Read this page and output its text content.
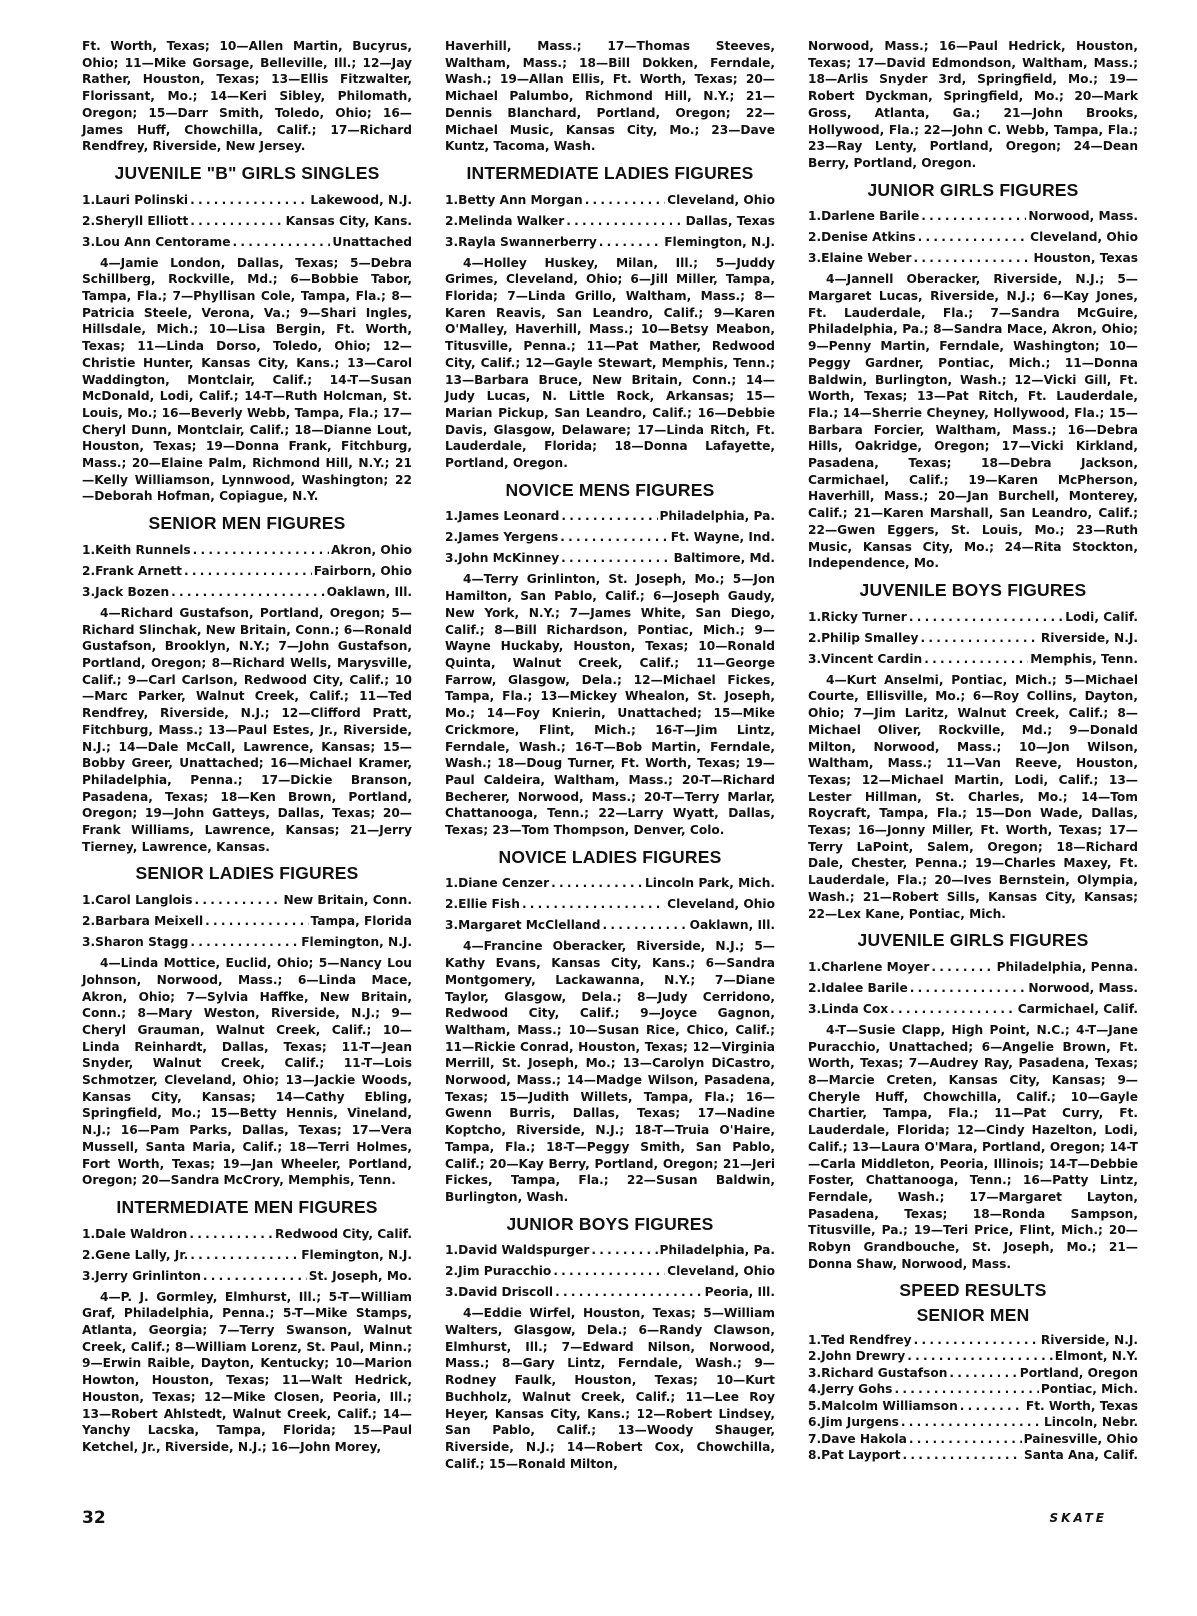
Ft. Worth, Texas; 10—Allen Martin, Bucyrus, Ohio; 11—Mike Gorsage, Belleville, Ill.; 12—Jay Rather, Houston, Texas; 13—Ellis Fitzwalter, Florissant, Mo.; 14—Keri Sibley, Philomath, Oregon; 15—Darr Smith, Toledo, Ohio; 16—James Huff, Chowchilla, Calif.; 17—Richard Rendfrey, Riverside, New Jersey.

JUVENILE "B" GIRLS SINGLES
1. Lauri Polinski . . .	Lakewood, N.J.
2. Sheryll Elliott . . .	Kansas City, Kans.
3. Lou Ann Centorame . . .	Unattached

4—Jamie London, Dallas, Texas; 5—Debra Schillberg, Rockville, Md.; 6—Bobbie Tabor, Tampa, Fla.; 7—Phyllisan Cole, Tampa, Fla.; 8—Patricia Steele, Verona, Va.; 9—Shari Ingles, Hillsdale, Mich.; 10—Lisa Bergin, Ft. Worth, Texas; 11—Linda Dorso, Toledo, Ohio; 12—Christie Hunter, Kansas City, Kans.; 13—Carol Waddington, Montclair, Calif.; 14-T—Susan McDonald, Lodi, Calif.; 14-T—Ruth Holcman, St. Louis, Mo.; 16—Beverly Webb, Tampa, Fla.; 17—Cheryl Dunn, Montclair, Calif.; 18—Dianne Lout, Houston, Texas; 19—Donna Frank, Fitchburg, Mass.; 20—Elaine Palm, Richmond Hill, N.Y.; 21—Kelly Williamson, Lynnwood, Washington; 22—Deborah Hofman, Copiague, N.Y.

SENIOR MEN FIGURES
1. Keith Runnels . . .	Akron, Ohio
2. Frank Arnett . . .	Fairborn, Ohio
3. Jack Bozen . . .	Oaklawn, Ill.

4—Richard Gustafson, Portland, Oregon; 5—Richard Slinchak, New Britain, Conn.; 6—Ronald Gustafson, Brooklyn, N.Y.; 7—John Gustafson, Portland, Oregon; 8—Richard Wells, Marysville, Calif.; 9—Carl Carlson, Redwood City, Calif.; 10—Marc Parker, Walnut Creek, Calif.; 11—Ted Rendfrey, Riverside, N.J.; 12—Clifford Pratt, Fitchburg, Mass.; 13—Paul Estes, Jr., Riverside, N.J.; 14—Dale McCall, Lawrence, Kansas; 15—Bobby Greer, Unattached; 16—Michael Kramer, Philadelphia, Penna.; 17—Dickie Branson, Pasadena, Texas; 18—Ken Brown, Portland, Oregon; 19—John Gatteys, Dallas, Texas; 20—Frank Williams, Lawrence, Kansas; 21—Jerry Tierney, Lawrence, Kansas.

SENIOR LADIES FIGURES
1. Carol Langlois . . .	New Britain, Conn.
2. Barbara Meixell . . .	Tampa, Florida
3. Sharon Stagg . . .	Flemington, N.J.

4—Linda Mottice, Euclid, Ohio; 5—Nancy Lou Johnson, Norwood, Mass.; 6—Linda Mace, Akron, Ohio; 7—Sylvia Haffke, New Britain, Conn.; 8—Mary Weston, Riverside, N.J.; 9—Cheryl Grauman, Walnut Creek, Calif.; 10—Linda Reinhardt, Dallas, Texas; 11-T—Jean Snyder, Walnut Creek, Calif.; 11-T—Lois Schmotzer, Cleveland, Ohio; 13—Jackie Woods, Kansas City, Kansas; 14—Cathy Ebling, Springfield, Mo.; 15—Betty Hennis, Vineland, N.J.; 16—Pam Parks, Dallas, Texas; 17—Vera Mussell, Santa Maria, Calif.; 18—Terri Holmes, Fort Worth, Texas; 19—Jan Wheeler, Portland, Oregon; 20—Sandra McCrory, Memphis, Tenn.

INTERMEDIATE MEN FIGURES
1. Dale Waldron . . .	Redwood City, Calif.
2. Gene Lally, Jr. . . .	Flemington, N.J.
3. Jerry Grinlinton . . .	St. Joseph, Mo.

4—P. J. Gormley, Elmhurst, Ill.; 5-T—William Graf, Philadelphia, Penna.; 5-T—Mike Stamps, Atlanta, Georgia; 7—Terry Swanson, Walnut Creek, Calif.; 8—William Lorenz, St. Paul, Minn.; 9—Erwin Raible, Dayton, Kentucky; 10—Marion Howton, Houston, Texas; 11—Walt Hedrick, Houston, Texas; 12—Mike Closen, Peoria, Ill.; 13—Robert Ahlstedt, Walnut Creek, Calif.; 14—Yanchy Lacska, Tampa, Florida; 15—Paul Ketchel, Jr., Riverside, N.J.; 16—John Morey,

Haverhill, Mass.; 17—Thomas Steeves, Waltham, Mass.; 18—Bill Dokken, Ferndale, Wash.; 19—Allan Ellis, Ft. Worth, Texas; 20—Michael Palumbo, Richmond Hill, N.Y.; 21—Dennis Blanchard, Portland, Oregon; 22—Michael Music, Kansas City, Mo.; 23—Dave Kuntz, Tacoma, Wash.

INTERMEDIATE LADIES FIGURES
1. Betty Ann Morgan . . .	Cleveland, Ohio
2. Melinda Walker . . .	Dallas, Texas
3. Rayla Swannerberry . . .	Flemington, N.J.

4—Holley Huskey, Milan, Ill.; 5—Juddy Grimes, Cleveland, Ohio; 6—Jill Miller, Tampa, Florida; 7—Linda Grillo, Waltham, Mass.; 8—Karen Reavis, San Leandro, Calif.; 9—Karen O'Malley, Haverhill, Mass.; 10—Betsy Meabon, Titusville, Penna.; 11—Pat Mather, Redwood City, Calif.; 12—Gayle Stewart, Memphis, Tenn.; 13—Barbara Bruce, New Britain, Conn.; 14—Judy Lucas, N. Little Rock, Arkansas; 15—Marian Pickup, San Leandro, Calif.; 16—Debbie Davis, Glasgow, Delaware; 17—Linda Ritch, Ft. Lauderdale, Florida; 18—Donna Lafayette, Portland, Oregon.

NOVICE MENS FIGURES
1. James Leonard . . .	Philadelphia, Pa.
2. James Yergens . . .	Ft. Wayne, Ind.
3. John McKinney . . .	Baltimore, Md.

4—Terry Grinlinton, St. Joseph, Mo.; 5—Jon Hamilton, San Pablo, Calif.; 6—Joseph Gaudy, New York, N.Y.; 7—James White, San Diego, Calif.; 8—Bill Richardson, Pontiac, Mich.; 9—Wayne Huckaby, Houston, Texas; 10—Ronald Quinta, Walnut Creek, Calif.; 11—George Farrow, Glasgow, Dela.; 12—Michael Fickes, Tampa, Fla.; 13—Mickey Whealon, St. Joseph, Mo.; 14—Foy Knierin, Unattached; 15—Mike Crickmore, Flint, Mich.; 16-T—Jim Lintz, Ferndale, Wash.; 16-T—Bob Martin, Ferndale, Wash.; 18—Doug Turner, Ft. Worth, Texas; 19—Paul Caldeira, Waltham, Mass.; 20-T—Richard Becherer, Norwood, Mass.; 20-T—Terry Marlar, Chattanooga, Tenn.; 22—Larry Wyatt, Dallas, Texas; 23—Tom Thompson, Denver, Colo.

NOVICE LADIES FIGURES
1. Diane Cenzer . . .	Lincoln Park, Mich.
2. Ellie Fish . . .	Cleveland, Ohio
3. Margaret McClelland . . .	Oaklawn, Ill.

4—Francine Oberacker, Riverside, N.J.; 5—Kathy Evans, Kansas City, Kans.; 6—Sandra Montgomery, Lackawanna, N.Y.; 7—Diane Taylor, Glasgow, Dela.; 8—Judy Cerridono, Redwood City, Calif.; 9—Joyce Gagnon, Waltham, Mass.; 10—Susan Rice, Chico, Calif.; 11—Rickie Conrad, Houston, Texas; 12—Virginia Merrill, St. Joseph, Mo.; 13—Carolyn DiCastro, Norwood, Mass.; 14—Madge Wilson, Pasadena, Texas; 15—Judith Willets, Tampa, Fla.; 16—Gwenn Burris, Dallas, Texas; 17—Nadine Koptcho, Riverside, N.J.; 18-T—Truia O'Haire, Tampa, Fla.; 18-T—Peggy Smith, San Pablo, Calif.; 20—Kay Berry, Portland, Oregon; 21—Jeri Fickes, Tampa, Fla.; 22—Susan Baldwin, Burlington, Wash.

JUNIOR BOYS FIGURES
1. David Waldspurger . . .	Philadelphia, Pa.
2. Jim Puracchio . . .	Cleveland, Ohio
3. David Driscoll . . .	Peoria, Ill.

4—Eddie Wirfel, Houston, Texas; 5—William Walters, Glasgow, Dela.; 6—Randy Clawson, Elmhurst, Ill.; 7—Edward Nilson, Norwood, Mass.; 8—Gary Lintz, Ferndale, Wash.; 9—Rodney Faulk, Houston, Texas; 10—Kurt Buchholz, Walnut Creek, Calif.; 11—Lee Roy Heyer, Kansas City, Kans.; 12—Robert Lindsey, San Pablo, Calif.; 13—Woody Shauger, Riverside, N.J.; 14—Robert Cox, Chowchilla, Calif.; 15—Ronald Milton,

Norwood, Mass.; 16—Paul Hedrick, Houston, Texas; 17—David Edmondson, Waltham, Mass.; 18—Arlis Snyder 3rd, Springfield, Mo.; 19—Robert Dyckman, Springfield, Mo.; 20—Mark Gross, Atlanta, Ga.; 21—John Brooks, Hollywood, Fla.; 22—John C. Webb, Tampa, Fla.; 23—Ray Lenty, Portland, Oregon; 24—Dean Berry, Portland, Oregon.

JUNIOR GIRLS FIGURES
1. Darlene Barile . . .	Norwood, Mass.
2. Denise Atkins . . .	Cleveland, Ohio
3. Elaine Weber . . .	Houston, Texas

4—Jannell Oberacker, Riverside, N.J.; 5—Margaret Lucas, Riverside, N.J.; 6—Kay Jones, Ft. Lauderdale, Fla.; 7—Sandra McGuire, Philadelphia, Pa.; 8—Sandra Mace, Akron, Ohio; 9—Penny Martin, Ferndale, Washington; 10—Peggy Gardner, Pontiac, Mich.; 11—Donna Baldwin, Burlington, Wash.; 12—Vicki Gill, Ft. Worth, Texas; 13—Pat Ritch, Ft. Lauderdale, Fla.; 14—Sherrie Cheyney, Hollywood, Fla.; 15—Barbara Forcier, Waltham, Mass.; 16—Debra Hills, Oakridge, Oregon; 17—Vicki Kirkland, Pasadena, Texas; 18—Debra Jackson, Carmichael, Calif.; 19—Karen McPherson, Haverhill, Mass.; 20—Jan Burchell, Monterey, Calif.; 21—Karen Marshall, San Leandro, Calif.; 22—Gwen Eggers, St. Louis, Mo.; 23—Ruth Music, Kansas City, Mo.; 24—Rita Stockton, Independence, Mo.

JUVENILE BOYS FIGURES
1. Ricky Turner . . .	Lodi, Calif.
2. Philip Smalley . . .	Riverside, N.J.
3. Vincent Cardin . . .	Memphis, Tenn.

4—Kurt Anselmi, Pontiac, Mich.; 5—Michael Courte, Ellisville, Mo.; 6—Roy Collins, Dayton, Ohio; 7—Jim Laritz, Walnut Creek, Calif.; 8—Michael Oliver, Rockville, Md.; 9—Donald Milton, Norwood, Mass.; 10—Jon Wilson, Waltham, Mass.; 11—Van Reeve, Houston, Texas; 12—Michael Martin, Lodi, Calif.; 13—Lester Hillman, St. Charles, Mo.; 14—Tom Roycraft, Tampa, Fla.; 15—Don Wade, Dallas, Texas; 16—Jonny Miller, Ft. Worth, Texas; 17—Terry LaPoint, Salem, Oregon; 18—Richard Dale, Chester, Penna.; 19—Charles Maxey, Ft. Lauderdale, Fla.; 20—Ives Bernstein, Olympia, Wash.; 21—Robert Sills, Kansas City, Kansas; 22—Lex Kane, Pontiac, Mich.

JUVENILE GIRLS FIGURES
1. Charlene Moyer . . .	Philadelphia, Penna.
2. Idalee Barile . . .	Norwood, Mass.
3. Linda Cox . . .	Carmichael, Calif.

4-T—Susie Clapp, High Point, N.C.; 4-T—Jane Puracchio, Unattached; 6—Angelie Brown, Ft. Worth, Texas; 7—Audrey Ray, Pasadena, Texas; 8—Marcie Creten, Kansas City, Kansas; 9—Cheryle Huff, Chowchilla, Calif.; 10—Gayle Chartier, Tampa, Fla.; 11—Pat Curry, Ft. Lauderdale, Florida; 12—Cindy Hazelton, Lodi, Calif.; 13—Laura O'Mara, Portland, Oregon; 14-T—Carla Middleton, Peoria, Illinois; 14-T—Debbie Foster, Chattanooga, Tenn.; 16—Patty Lintz, Ferndale, Wash.; 17—Margaret Layton, Pasadena, Texas; 18—Ronda Sampson, Titusville, Pa.; 19—Teri Price, Flint, Mich.; 20—Robyn Grandbouche, St. Joseph, Mo.; 21—Donna Shaw, Norwood, Mass.

SPEED RESULTS
SENIOR MEN
1. Ted Rendfrey . . .	Riverside, N.J.
2. John Drewry . . .	Elmont, N.Y.
3. Richard Gustafson . . .	Portland, Oregon
4. Jerry Gohs . . .	Pontiac, Mich.
5. Malcolm Williamson . . .	Ft. Worth, Texas
6. Jim Jurgens . . .	Lincoln, Nebr.
7. Dave Hakola . . .	Painesville, Ohio
8. Pat Layport . . .	Santa Ana, Calif.
32	SKATE
